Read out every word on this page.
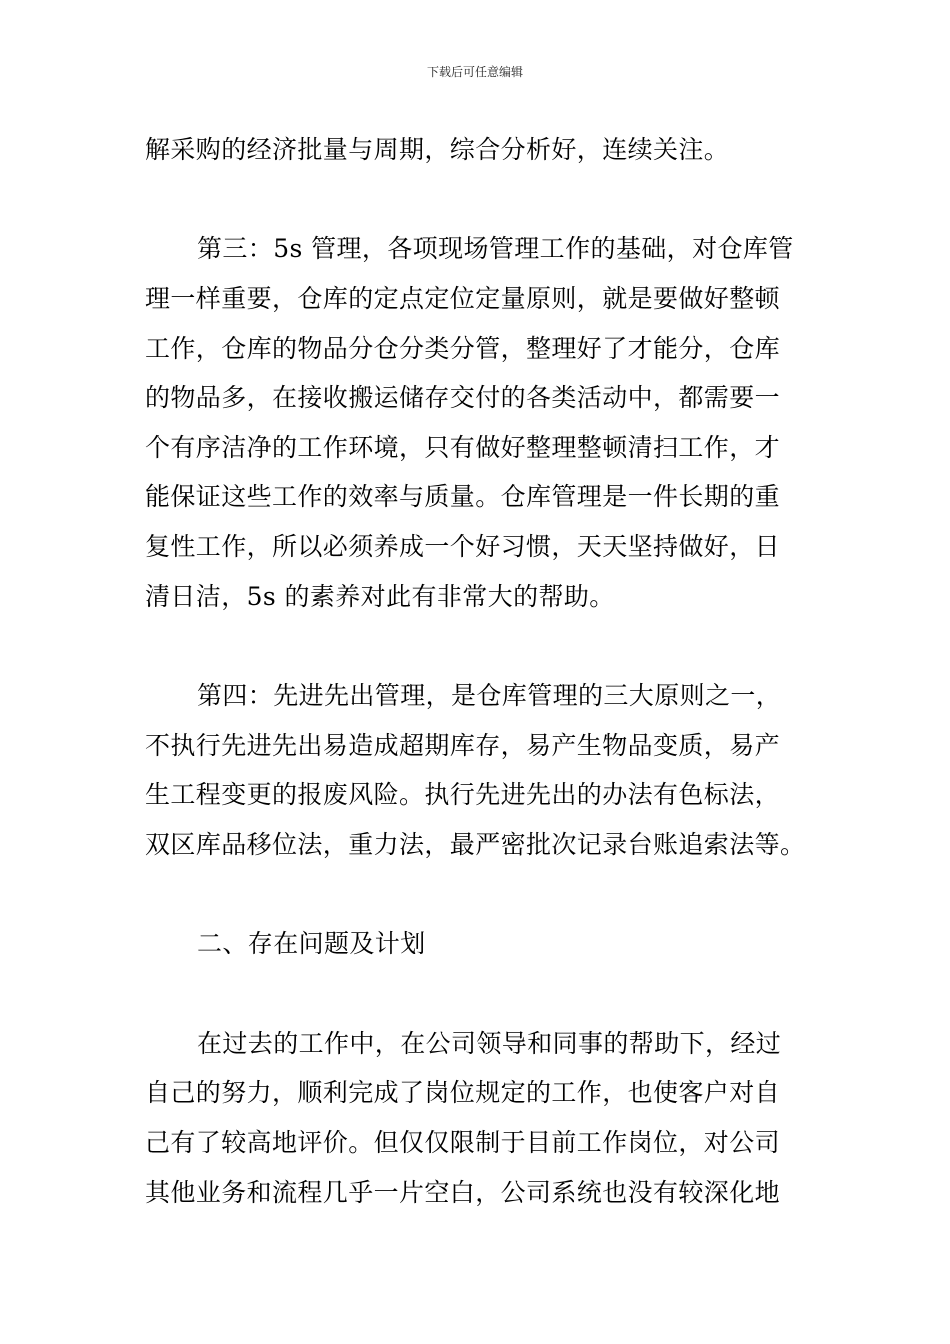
下载后可任意编辑
解采购的经济批量与周期，综合分析好，连续关注。
第三：5s 管理，各项现场管理工作的基础，对仓库管
理一样重要，仓库的定点定位定量原则，就是要做好整顿
工作，仓库的物品分仓分类分管，整理好了才能分，仓库
的物品多，在接收搬运储存交付的各类活动中，都需要一
个有序洁净的工作环境，只有做好整理整顿清扫工作，才
能保证这些工作的效率与质量。仓库管理是一件长期的重
复性工作，所以必须养成一个好习惯，天天坚持做好，日
清日洁，5s 的素养对此有非常大的帮助。
第四：先进先出管理，是仓库管理的三大原则之一，
不执行先进先出易造成超期库存，易产生物品变质，易产
生工程变更的报废风险。执行先进先出的办法有色标法，
双区库品移位法，重力法，最严密批次记录台账追索法等。
二、存在问题及计划
在过去的工作中，在公司领导和同事的帮助下，经过
自己的努力，顺利完成了岗位规定的工作，也使客户对自
己有了较高地评价。但仅仅限制于目前工作岗位，对公司
其他业务和流程几乎一片空白，公司系统也没有较深化地
